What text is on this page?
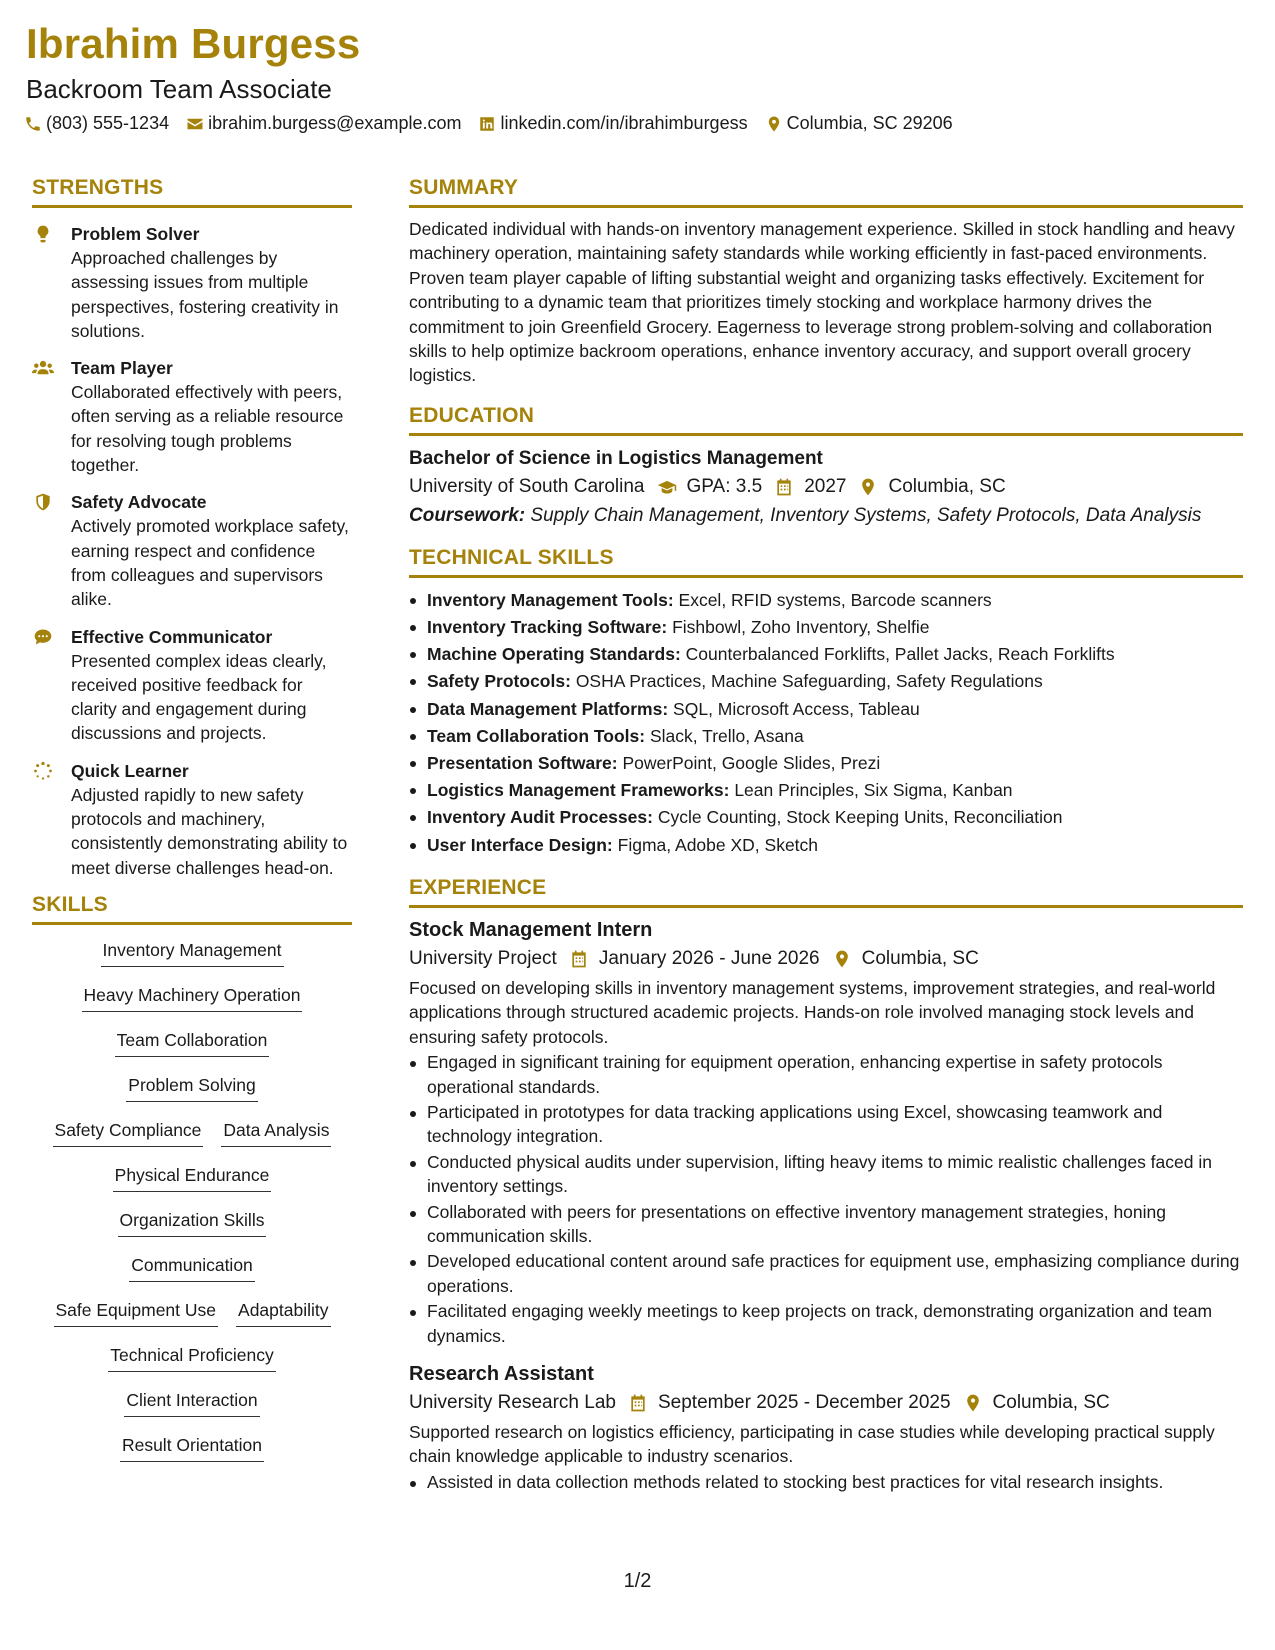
Ibrahim Burgess
Backroom Team Associate
(803) 555-1234 ibrahim.burgess@example.com linkedin.com/in/ibrahimburgess Columbia, SC 29206
STRENGTHS
Problem Solver
Approached challenges by assessing issues from multiple perspectives, fostering creativity in solutions.
Team Player
Collaborated effectively with peers, often serving as a reliable resource for resolving tough problems together.
Safety Advocate
Actively promoted workplace safety, earning respect and confidence from colleagues and supervisors alike.
Effective Communicator
Presented complex ideas clearly, received positive feedback for clarity and engagement during discussions and projects.
Quick Learner
Adjusted rapidly to new safety protocols and machinery, consistently demonstrating ability to meet diverse challenges head-on.
SKILLS
Inventory Management
Heavy Machinery Operation
Team Collaboration
Problem Solving
Safety Compliance Data Analysis
Physical Endurance
Organization Skills
Communication
Safe Equipment Use Adaptability
Technical Proficiency
Client Interaction
Result Orientation
SUMMARY
Dedicated individual with hands-on inventory management experience. Skilled in stock handling and heavy machinery operation, maintaining safety standards while working efficiently in fast-paced environments. Proven team player capable of lifting substantial weight and organizing tasks effectively. Excitement for contributing to a dynamic team that prioritizes timely stocking and workplace harmony drives the commitment to join Greenfield Grocery. Eagerness to leverage strong problem-solving and collaboration skills to help optimize backroom operations, enhance inventory accuracy, and support overall grocery logistics.
EDUCATION
Bachelor of Science in Logistics Management
University of South Carolina GPA: 3.5 2027 Columbia, SC
Coursework: Supply Chain Management, Inventory Systems, Safety Protocols, Data Analysis
TECHNICAL SKILLS
Inventory Management Tools: Excel, RFID systems, Barcode scanners
Inventory Tracking Software: Fishbowl, Zoho Inventory, Shelfie
Machine Operating Standards: Counterbalanced Forklifts, Pallet Jacks, Reach Forklifts
Safety Protocols: OSHA Practices, Machine Safeguarding, Safety Regulations
Data Management Platforms: SQL, Microsoft Access, Tableau
Team Collaboration Tools: Slack, Trello, Asana
Presentation Software: PowerPoint, Google Slides, Prezi
Logistics Management Frameworks: Lean Principles, Six Sigma, Kanban
Inventory Audit Processes: Cycle Counting, Stock Keeping Units, Reconciliation
User Interface Design: Figma, Adobe XD, Sketch
EXPERIENCE
Stock Management Intern
University Project January 2026 - June 2026 Columbia, SC
Focused on developing skills in inventory management systems, improvement strategies, and real-world applications through structured academic projects. Hands-on role involved managing stock levels and ensuring safety protocols.
Engaged in significant training for equipment operation, enhancing expertise in safety protocols operational standards.
Participated in prototypes for data tracking applications using Excel, showcasing teamwork and technology integration.
Conducted physical audits under supervision, lifting heavy items to mimic realistic challenges faced in inventory settings.
Collaborated with peers for presentations on effective inventory management strategies, honing communication skills.
Developed educational content around safe practices for equipment use, emphasizing compliance during operations.
Facilitated engaging weekly meetings to keep projects on track, demonstrating organization and team dynamics.
Research Assistant
University Research Lab September 2025 - December 2025 Columbia, SC
Supported research on logistics efficiency, participating in case studies while developing practical supply chain knowledge applicable to industry scenarios.
Assisted in data collection methods related to stocking best practices for vital research insights.
1/2
